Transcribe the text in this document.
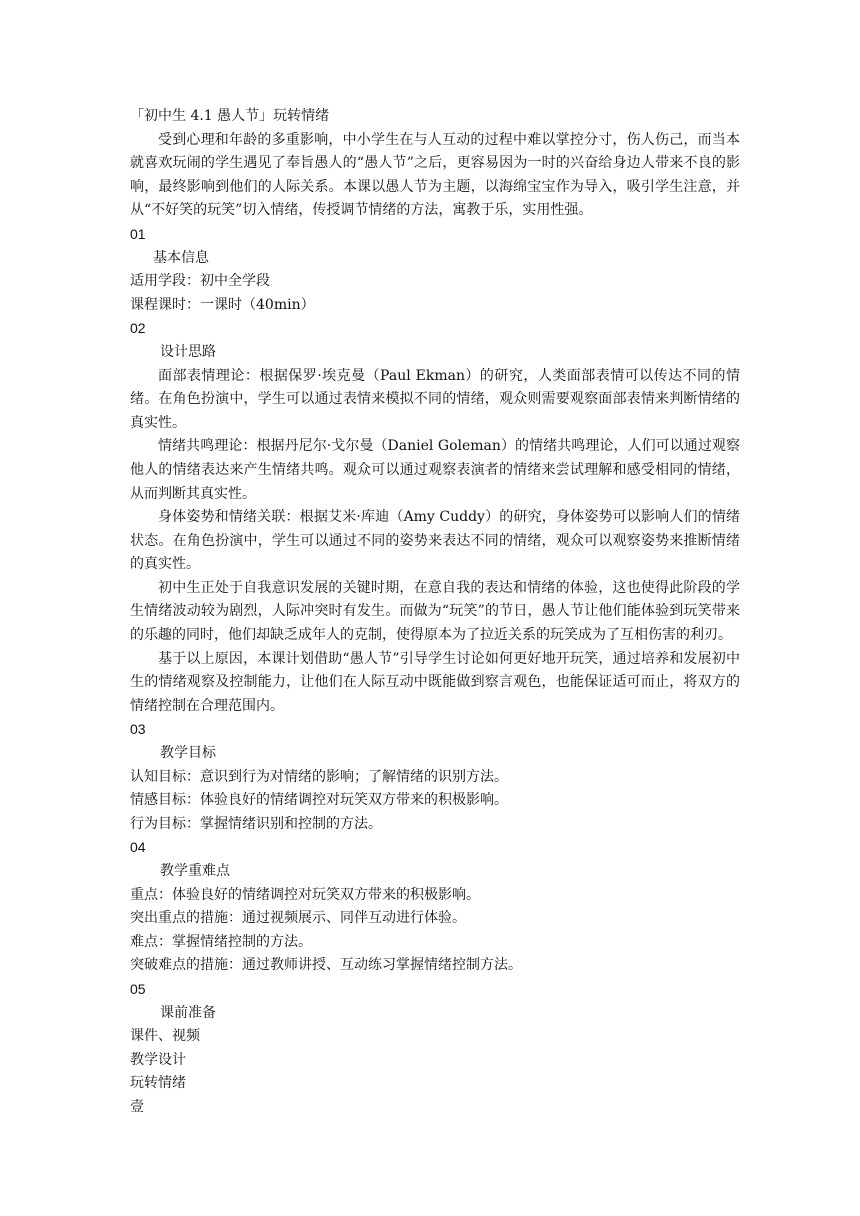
「初中生 4.1 愚人节」玩转情绪
受到心理和年龄的多重影响，中小学生在与人互动的过程中难以掌控分寸，伤人伤己，而当本就喜欢玩闹的学生遇见了奉旨愚人的“愚人节”之后，更容易因为一时的兴奋给身边人带来不良的影响，最终影响到他们的人际关系。本课以愚人节为主题，以海绵宝宝作为导入，吸引学生注意，并从“不好笑的玩笑”切入情绪，传授调节情绪的方法，寓教于乐，实用性强。
01
基本信息
适用学段：初中全学段
课程课时：一课时（40min）
02
设计思路
面部表情理论：根据保罗·埃克曼（Paul Ekman）的研究，人类面部表情可以传达不同的情绪。在角色扮演中，学生可以通过表情来模拟不同的情绪，观众则需要观察面部表情来判断情绪的真实性。
情绪共鸣理论：根据丹尼尔·戈尔曼（Daniel Goleman）的情绪共鸣理论，人们可以通过观察他人的情绪表达来产生情绪共鸣。观众可以通过观察表演者的情绪来尝试理解和感受相同的情绪，从而判断其真实性。
身体姿势和情绪关联：根据艾米·库迪（Amy Cuddy）的研究，身体姿势可以影响人们的情绪状态。在角色扮演中，学生可以通过不同的姿势来表达不同的情绪，观众可以观察姿势来推断情绪的真实性。
初中生正处于自我意识发展的关键时期，在意自我的表达和情绪的体验，这也使得此阶段的学生情绪波动较为剧烈，人际冲突时有发生。而做为“玩笑”的节日，愚人节让他们能体验到玩笑带来的乐趣的同时，他们却缺乏成年人的克制，使得原本为了拉近关系的玩笑成为了互相伤害的利刃。
基于以上原因，本课计划借助“愚人节”引导学生讨论如何更好地开玩笑，通过培养和发展初中生的情绪观察及控制能力，让他们在人际互动中既能做到察言观色，也能保证适可而止，将双方的情绪控制在合理范围内。
03
教学目标
认知目标：意识到行为对情绪的影响；了解情绪的识别方法。
情感目标：体验良好的情绪调控对玩笑双方带来的积极影响。
行为目标：掌握情绪识别和控制的方法。
04
教学重难点
重点：体验良好的情绪调控对玩笑双方带来的积极影响。
突出重点的措施：通过视频展示、同伴互动进行体验。
难点：掌握情绪控制的方法。
突破难点的措施：通过教师讲授、互动练习掌握情绪控制方法。
05
课前准备
课件、视频
教学设计
玩转情绪
壹
